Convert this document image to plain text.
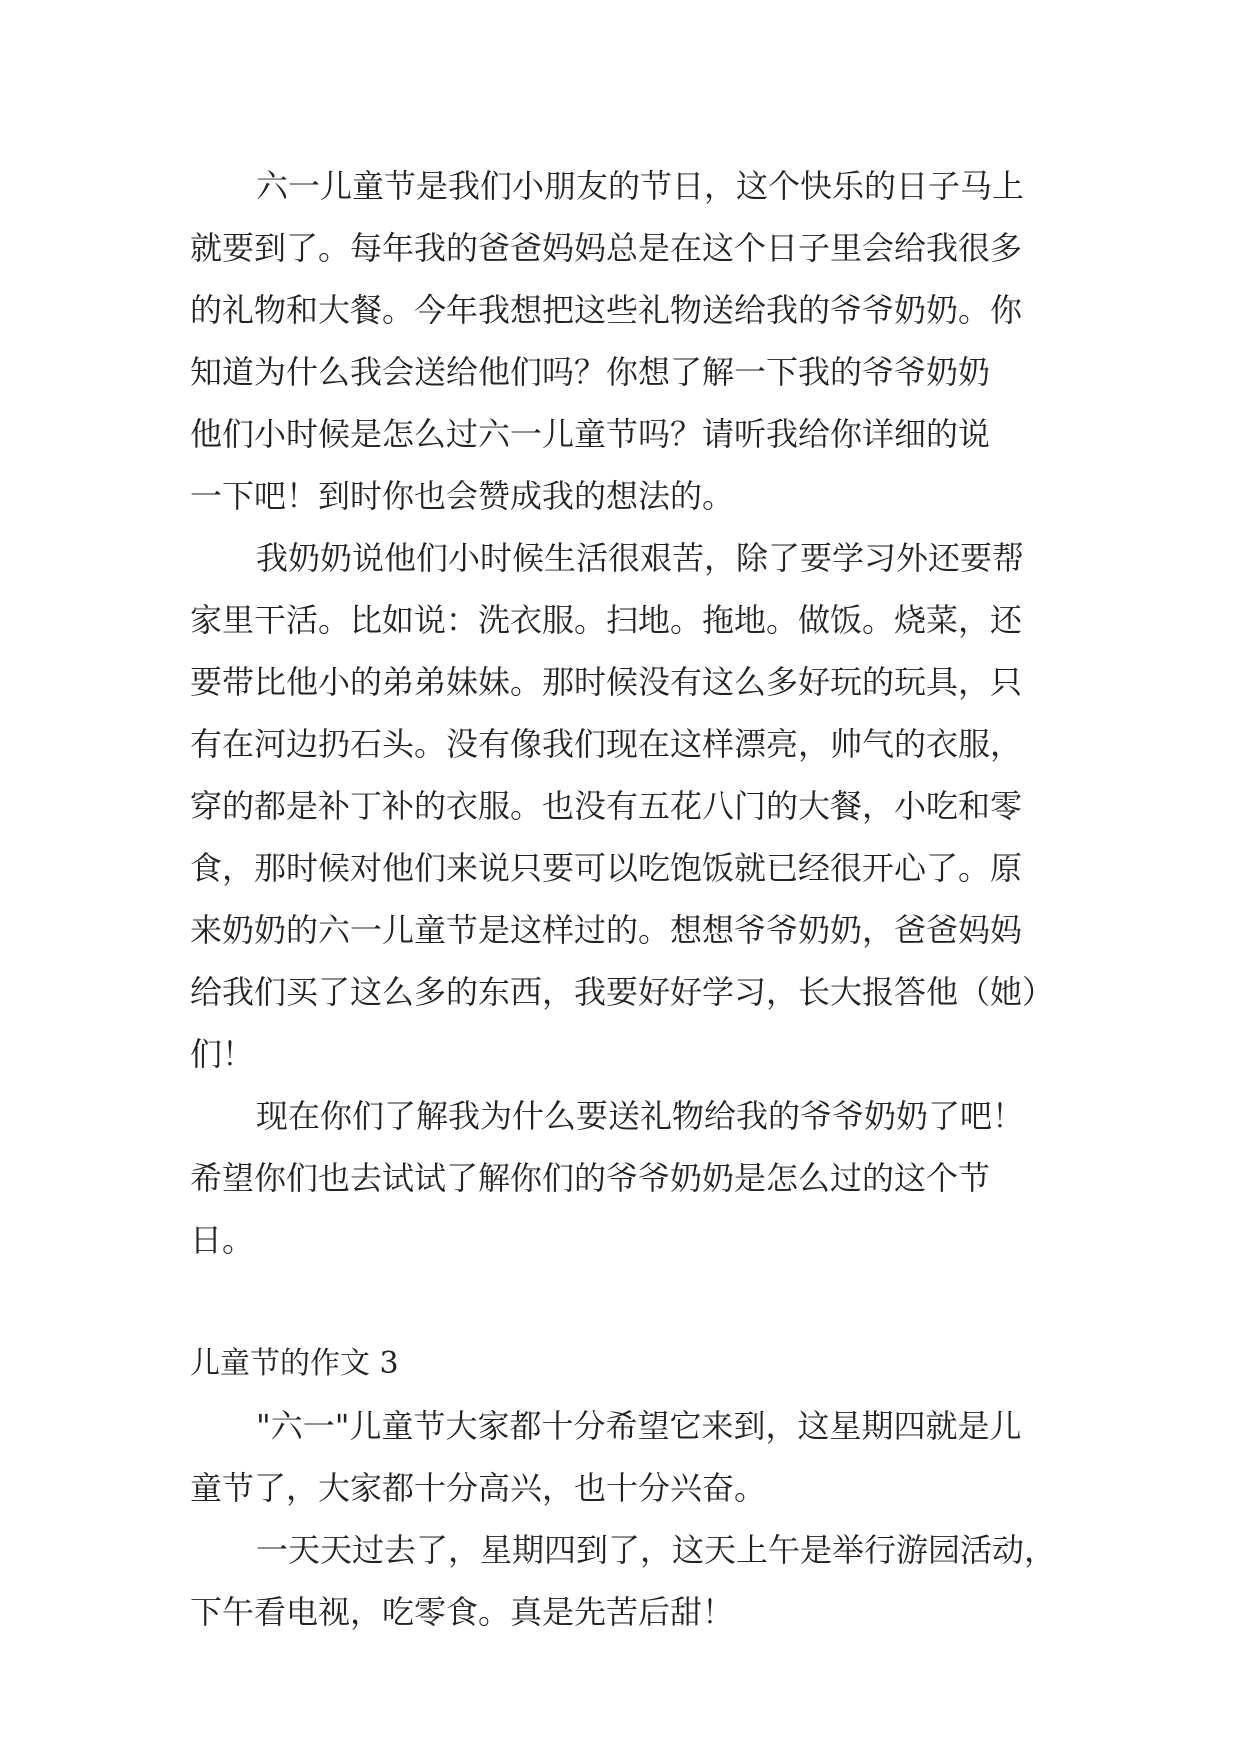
六一儿童节是我们小朋友的节日，这个快乐的日子马上
就要到了。每年我的爸爸妈妈总是在这个日子里会给我很多
的礼物和大餐。今年我想把这些礼物送给我的爷爷奶奶。你
知道为什么我会送给他们吗？你想了解一下我的爷爷奶奶
他们小时候是怎么过六一儿童节吗？请听我给你详细的说
一下吧！到时你也会赞成我的想法的。
我奶奶说他们小时候生活很艰苦，除了要学习外还要帮
家里干活。比如说：洗衣服。扫地。拖地。做饭。烧菜，还
要带比他小的弟弟妹妹。那时候没有这么多好玩的玩具，只
有在河边扔石头。没有像我们现在这样漂亮，帅气的衣服，
穿的都是补丁补的衣服。也没有五花八门的大餐，小吃和零
食，那时候对他们来说只要可以吃饱饭就已经很开心了。原
来奶奶的六一儿童节是这样过的。想想爷爷奶奶，爸爸妈妈
给我们买了这么多的东西，我要好好学习，长大报答他（她）
们！
现在你们了解我为什么要送礼物给我的爷爷奶奶了吧！
希望你们也去试试了解你们的爷爷奶奶是怎么过的这个节
日。
儿童节的作文 3
"六一"儿童节大家都十分希望它来到，这星期四就是儿
童节了，大家都十分高兴，也十分兴奋。
一天天过去了，星期四到了，这天上午是举行游园活动，
下午看电视，吃零食。真是先苦后甜！
